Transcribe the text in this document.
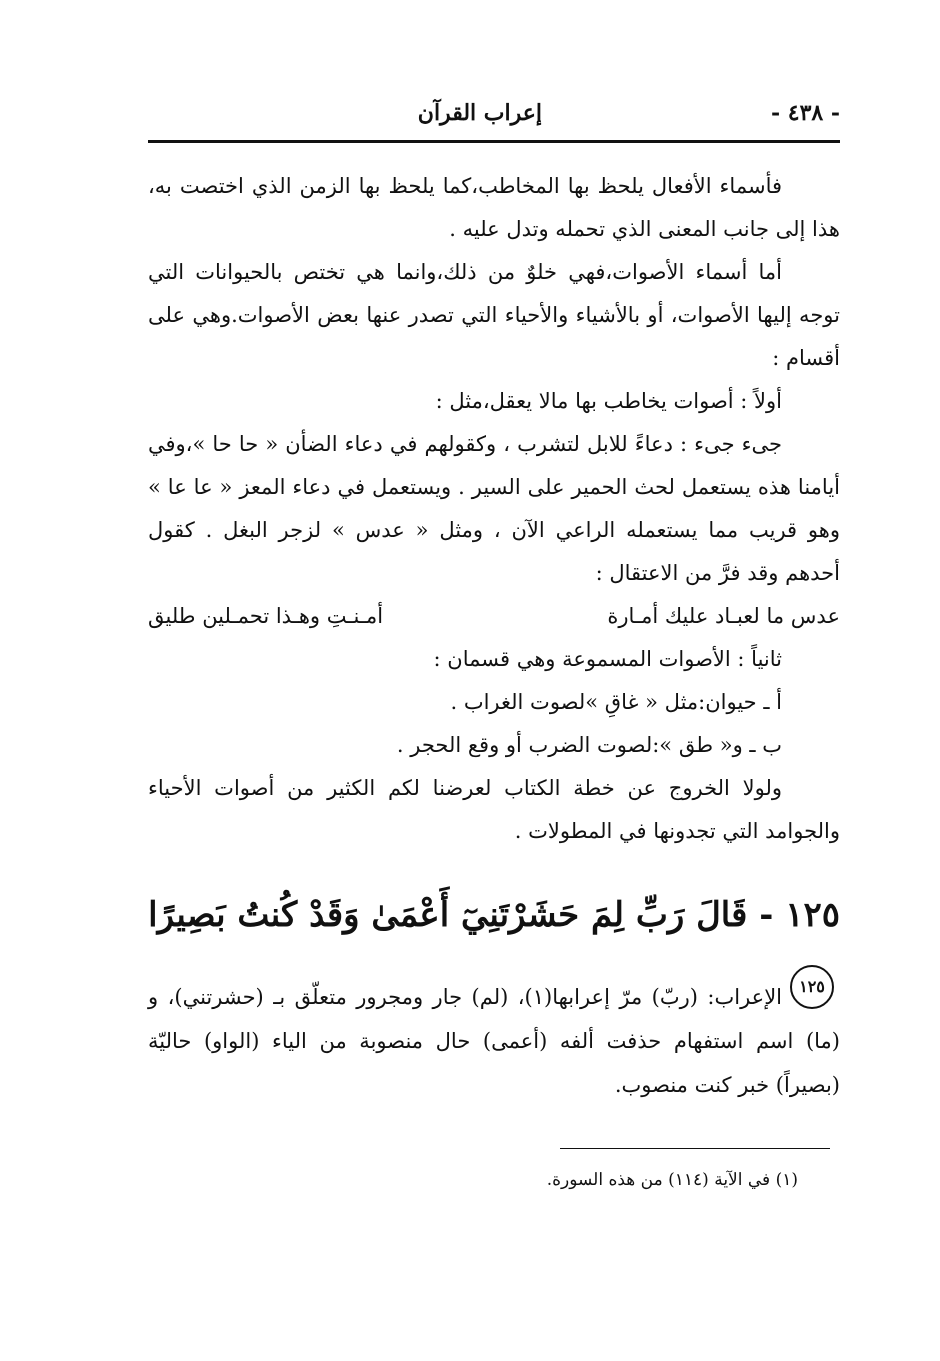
- ٤٣٨ -
إعراب القرآن

فأسماء الأفعال يلحظ بها المخاطب،كما يلحظ بها الزمن الذي اختصت به، هذا إلى جانب المعنى الذي تحمله وتدل عليه .

أما أسماء الأصوات،فهي خلوٌ من ذلك،وانما هي تختص بالحيوانات التي توجه إليها الأصوات، أو بالأشياء والأحياء التي تصدر عنها بعض الأصوات.وهي على أقسام :

أولاً : أصوات يخاطب بها مالا يعقل،مثل :

جىء جىء : دعاءً للابل لتشرب ، وكقولهم في دعاء الضأن « حا حا »،وفي أيامنا هذه يستعمل لحث الحمير على السير . ويستعمل في دعاء المعز « عا عا » وهو قريب مما يستعمله الراعي الآن ، ومثل « عدس » لزجر البغل . كقول أحدهم وقد فرَّ من الاعتقال :

عدس ما لعبـاد عليك أمـارة
أمـنـتِ وهـذا تحمـلين طليق

ثانياً : الأصوات المسموعة وهي قسمان :

أ ـ حيوان:مثل « غاقِ »لصوت الغراب .

ب ـ و« طق »:لصوت الضرب أو وقع الحجر .

ولولا الخروج عن خطة الكتاب لعرضنا لكم الكثير من أصوات الأحياء والجوامد التي تجدونها في المطولات .

١٢٥ - قَالَ رَبِّ لِمَ حَشَرْتَنِيٓ أَعْمَىٰ وَقَدْ كُنتُ بَصِيرًا ١٢٥

الإعراب: (ربّ) مرّ إعرابها(١)، (لم) جار ومجرور متعلّق بـ (حشرتني)، و (ما) اسم استفهام حذفت ألفه (أعمى) حال منصوبة من الياء (الواو) حاليّة (بصيراً) خبر كنت منصوب.

(١) في الآية (١١٤) من هذه السورة.
